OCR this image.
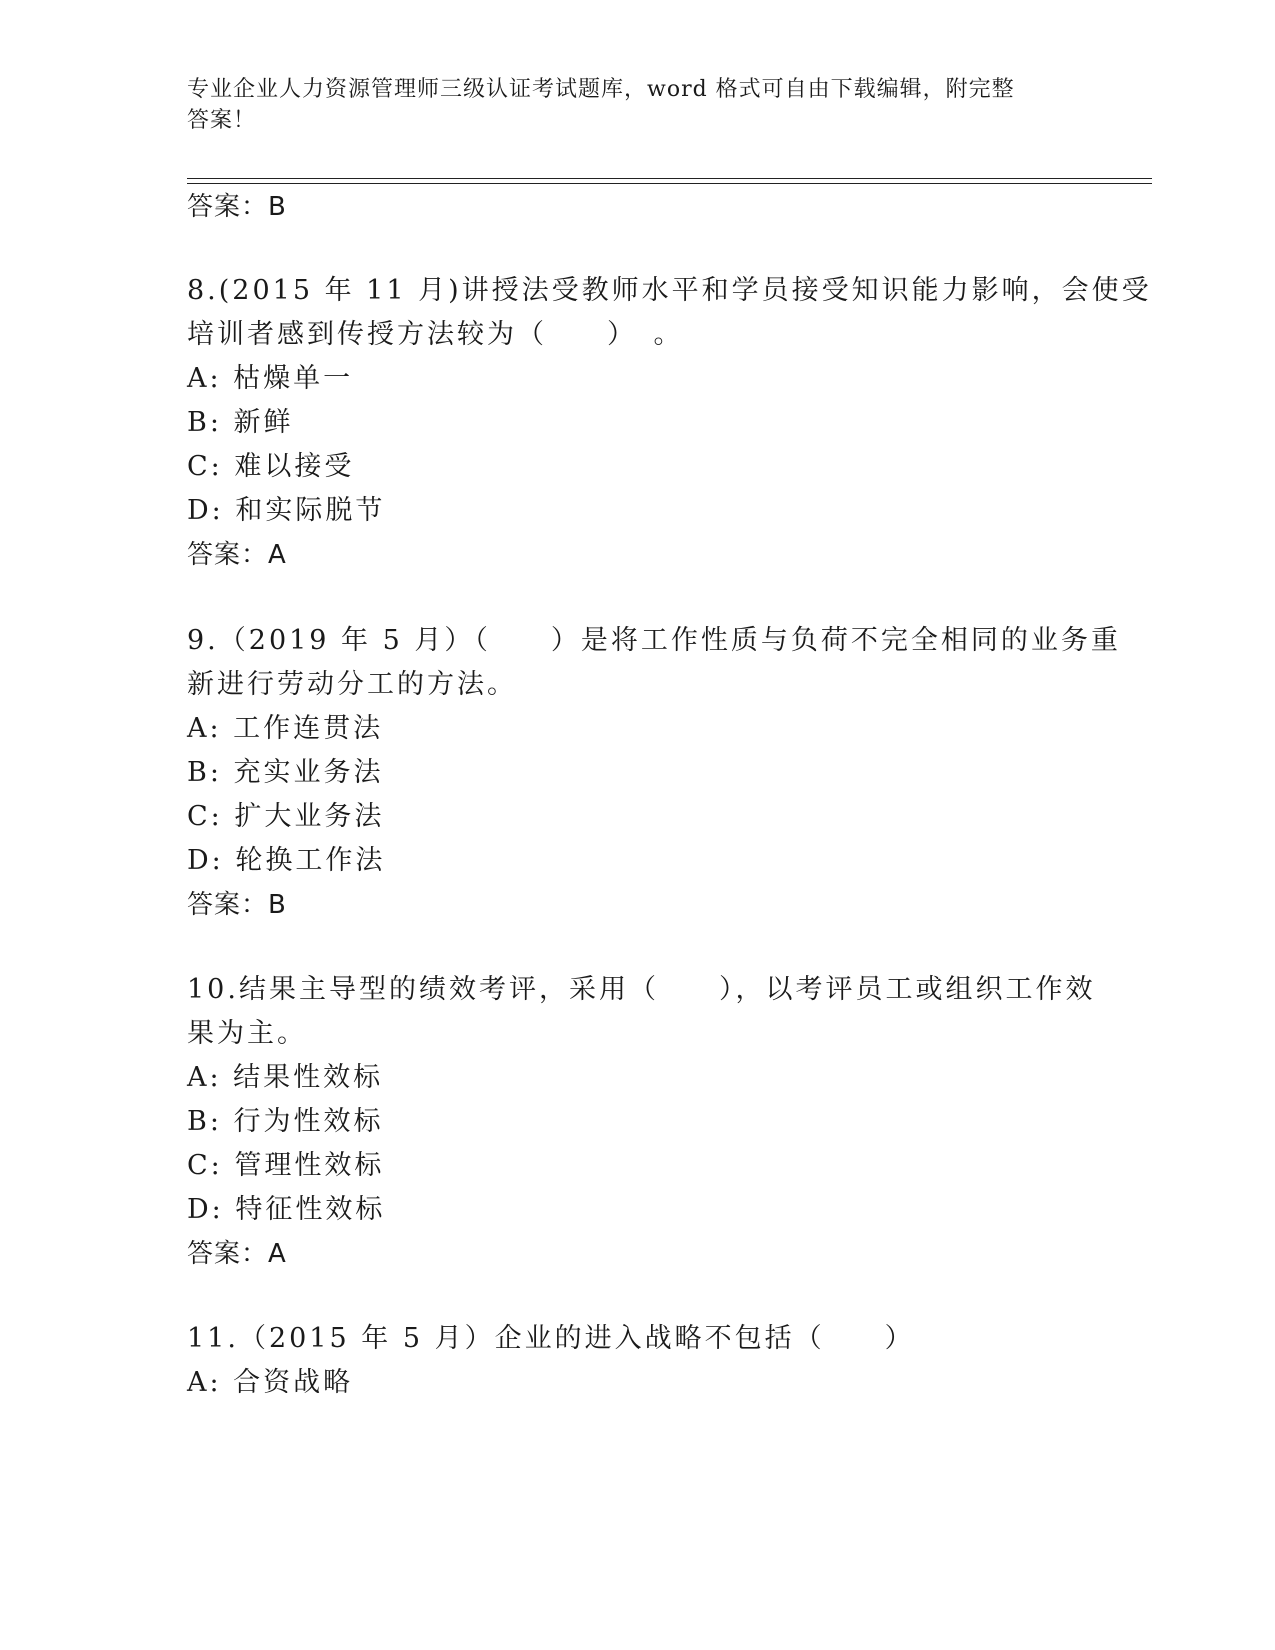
专业企业人力资源管理师三级认证考试题库，word 格式可自由下载编辑，附完整
答案！
答案：B
8.(2015 年 11 月)讲授法受教师水平和学员接受知识能力影响，会使受
培训者感到传授方法较为（　　）　。
A: 枯燥单一
B: 新鲜
C: 难以接受
D: 和实际脱节
答案：A
9.（2019 年 5 月）（　　）是将工作性质与负荷不完全相同的业务重
新进行劳动分工的方法。
A: 工作连贯法
B: 充实业务法
C: 扩大业务法
D: 轮换工作法
答案：B
10.结果主导型的绩效考评，采用（　　），以考评员工或组织工作效
果为主。
A: 结果性效标
B: 行为性效标
C: 管理性效标
D: 特征性效标
答案：A
11.（2015 年 5 月）企业的进入战略不包括（　　）
A: 合资战略
